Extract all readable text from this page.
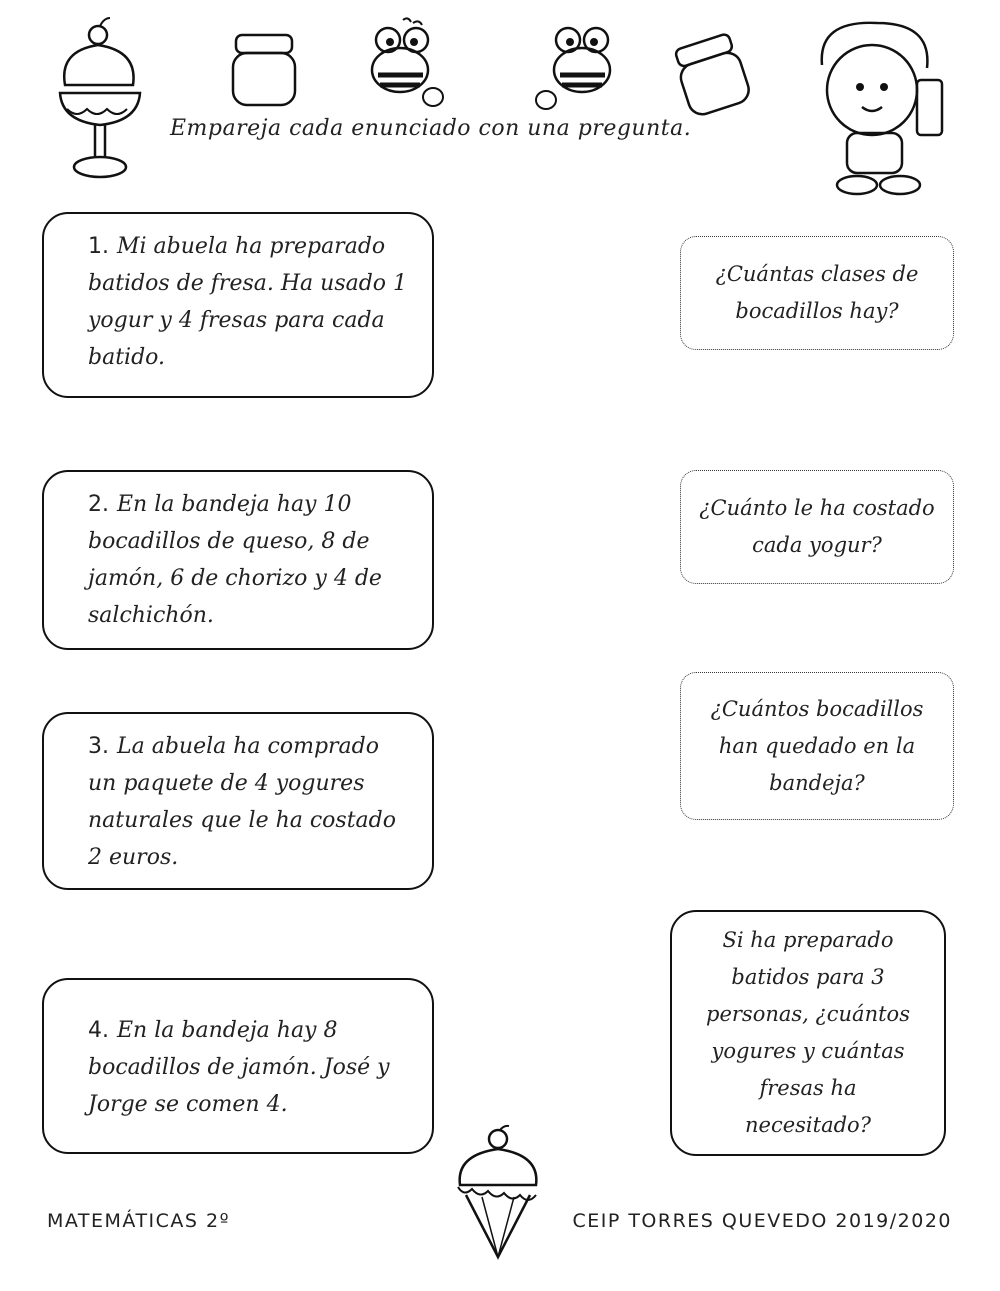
Empareja cada enunciado con una pregunta.
1. Mi abuela ha preparado batidos de fresa. Ha usado 1 yogur y 4 fresas para cada batido.
2. En la bandeja hay 10 bocadillos de queso, 8 de jamón, 6 de chorizo y 4 de salchichón.
3. La abuela ha comprado un paquete de 4 yogures naturales que le ha costado 2 euros.
4. En la bandeja hay 8 bocadillos de jamón. José y Jorge se comen 4.
¿Cuántas clases de bocadillos hay?
¿Cuánto le ha costado cada yogur?
¿Cuántos bocadillos han quedado en la bandeja?
Si ha preparado batidos para 3 personas, ¿cuántos yogures y cuántas fresas ha necesitado?
MATEMÁTICAS 2º	CEIP TORRES QUEVEDO 2019/2020
